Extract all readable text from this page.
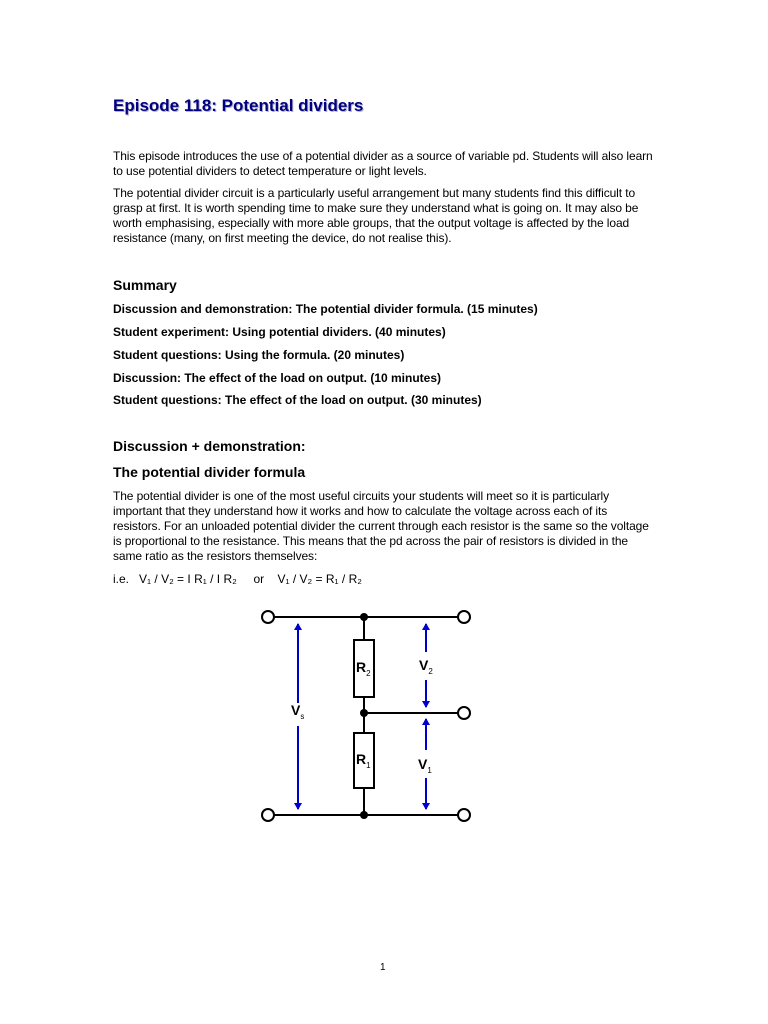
Episode 118: Potential dividers

This episode introduces the use of a potential divider as a source of variable pd. Students will also learn to use potential dividers to detect temperature or light levels.

The potential divider circuit is a particularly useful arrangement but many students find this difficult to grasp at first. It is worth spending time to make sure they understand what is going on. It may also be worth emphasising, especially with more able groups, that the output voltage is affected by the load resistance (many, on first meeting the device, do not realise this).

Summary

Discussion and demonstration: The potential divider formula. (15 minutes)

Student experiment: Using potential dividers. (40 minutes)

Student questions: Using the formula. (20 minutes)

Discussion: The effect of the load on output. (10 minutes)

Student questions: The effect of the load on output. (30 minutes)

Discussion + demonstration:
The potential divider formula

The potential divider is one of the most useful circuits your students will meet so it is particularly important that they understand how it works and how to calculate the voltage across each of its resistors. For an unloaded potential divider the current through each resistor is the same so the voltage is proportional to the resistance. This means that the pd across the pair of resistors is divided in the same ratio as the resistors themselves:

i.e.   V₁ / V₂ = I R₁ / I R₂     or    V₁ / V₂ = R₁ / R₂

$V_s$
$R_2$
$R_1$
$V_2$
$V_1$

1
